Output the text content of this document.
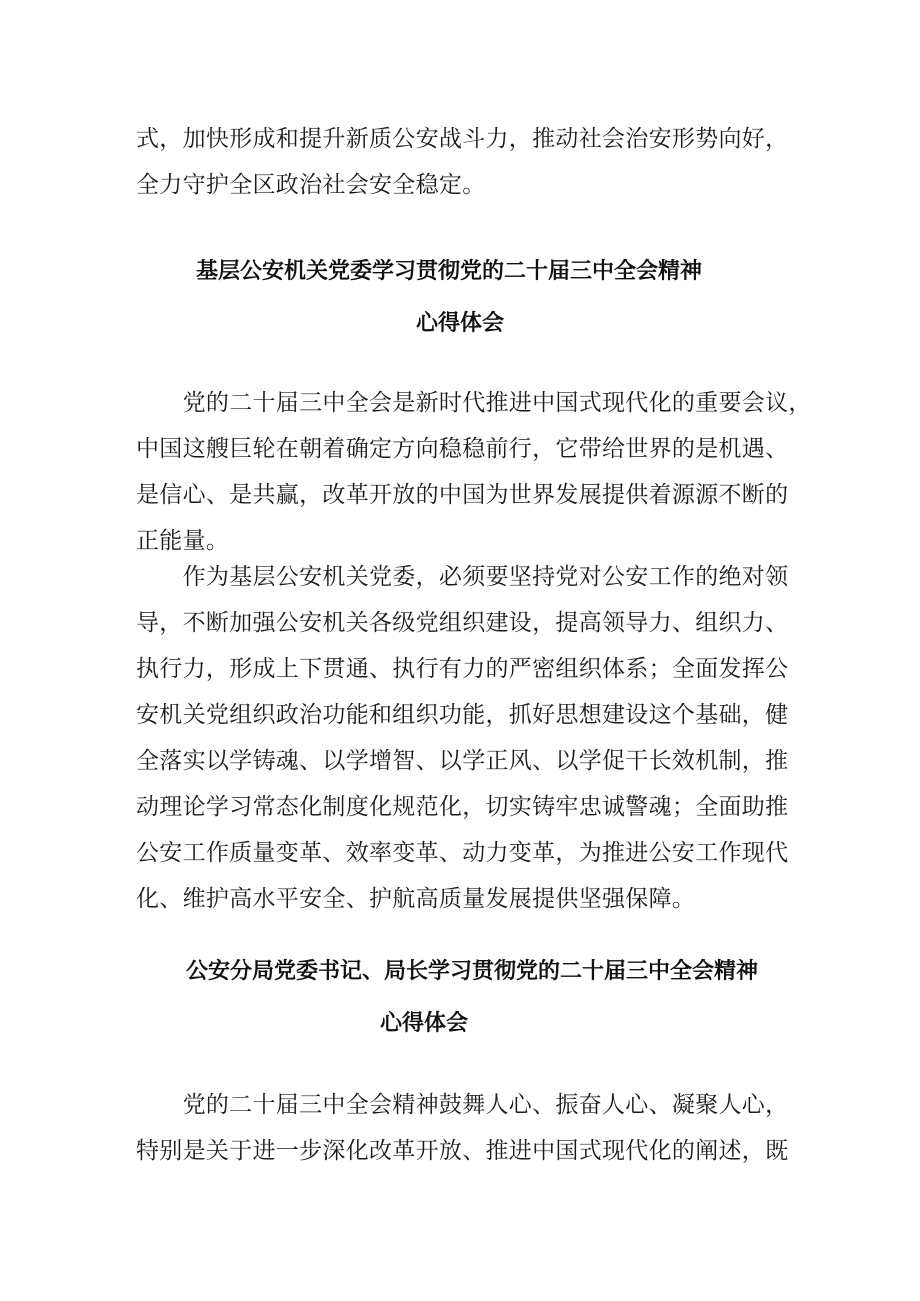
式，加快形成和提升新质公安战斗力，推动社会治安形势向好，

全力守护全区政治社会安全稳定。

基层公安机关党委学习贯彻党的二十届三中全会精神
心得体会

　　党的二十届三中全会是新时代推进中国式现代化的重要会议，

中国这艘巨轮在朝着确定方向稳稳前行，它带给世界的是机遇、

是信心、是共赢，改革开放的中国为世界发展提供着源源不断的

正能量。

　　作为基层公安机关党委，必须要坚持党对公安工作的绝对领

导，不断加强公安机关各级党组织建设，提高领导力、组织力、

执行力，形成上下贯通、执行有力的严密组织体系；全面发挥公

安机关党组织政治功能和组织功能，抓好思想建设这个基础，健

全落实以学铸魂、以学增智、以学正风、以学促干长效机制，推

动理论学习常态化制度化规范化，切实铸牢忠诚警魂；全面助推

公安工作质量变革、效率变革、动力变革，为推进公安工作现代

化、维护高水平安全、护航高质量发展提供坚强保障。

公安分局党委书记、局长学习贯彻党的二十届三中全会精神
心得体会

　　党的二十届三中全会精神鼓舞人心、振奋人心、凝聚人心，

特别是关于进一步深化改革开放、推进中国式现代化的阐述，既
